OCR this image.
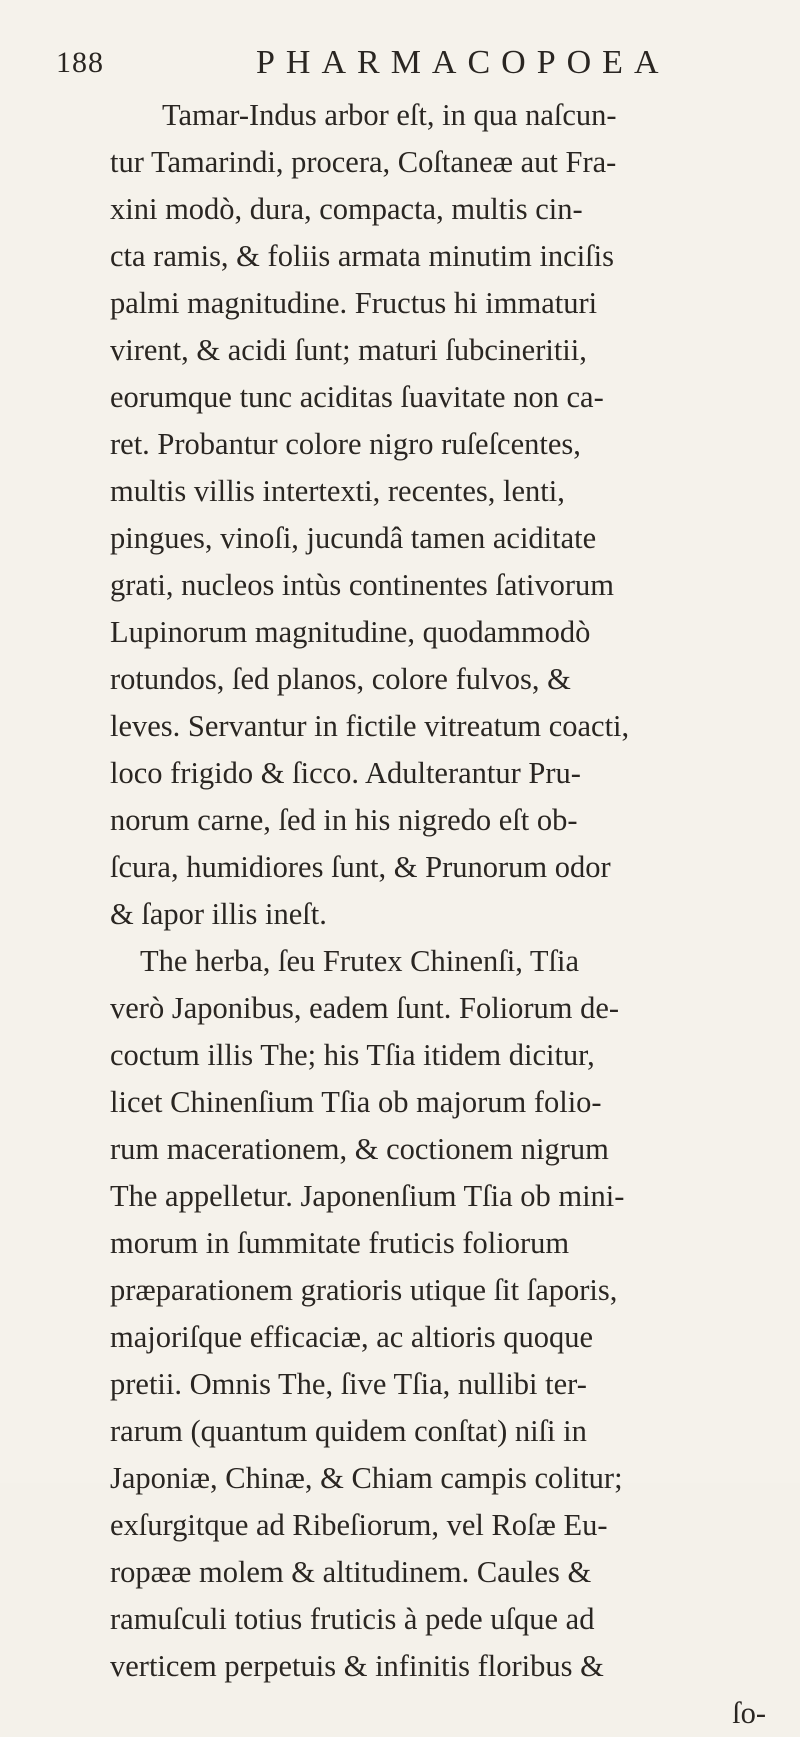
188	PHARMACOPOEA
Tamar-Indus arbor eſt, in qua naſcun-
tur Tamarindi, procera, Coſtaneæ aut Fra-
xini modò, dura, compacta, multis cin-
cta ramis, & foliis armata minutim inciſis
palmi magnitudine. Fructus hi immaturi
virent, & acidi ſunt; maturi ſubcineritii,
eorumque tunc aciditas ſuavitate non ca-
ret. Probantur colore nigro ruſeſcentes,
multis villis intertexti, recentes, lenti,
pingues, vinoſi, jucundâ tamen aciditate
grati, nucleos intùs continentes ſativorum
Lupinorum magnitudine, quodammodò
rotundos, ſed planos, colore fulvos, &
leves. Servantur in fictile vitreatum coacti,
loco frigido & ſicco. Adulterantur Pru-
norum carne, ſed in his nigredo eſt ob-
ſcura, humidiores ſunt, & Prunorum odor
& ſapor illis ineſt.
The herba, ſeu Frutex Chinenſi, Tſia
verò Japonibus, eadem ſunt. Foliorum de-
coctum illis The; his Tſia itidem dicitur,
licet Chinenſium Tſia ob majorum folio-
rum macerationem, & coctionem nigrum
The appelletur. Japonenſium Tſia ob mini-
morum in ſummitate fruticis foliorum
præparationem gratioris utique ſit ſaporis,
majoriſque efficaciæ, ac altioris quoque
pretii. Omnis The, ſive Tſia, nullibi ter-
rarum (quantum quidem conſtat) niſi in
Japoniæ, Chinæ, & Chiam campis colitur;
exſurgitque ad Ribeſiorum, vel Roſæ Eu-
ropææ molem & altitudinem. Caules &
ramuſculi totius fruticis à pede uſque ad
verticem perpetuis & infinitis floribus &
ſo-
